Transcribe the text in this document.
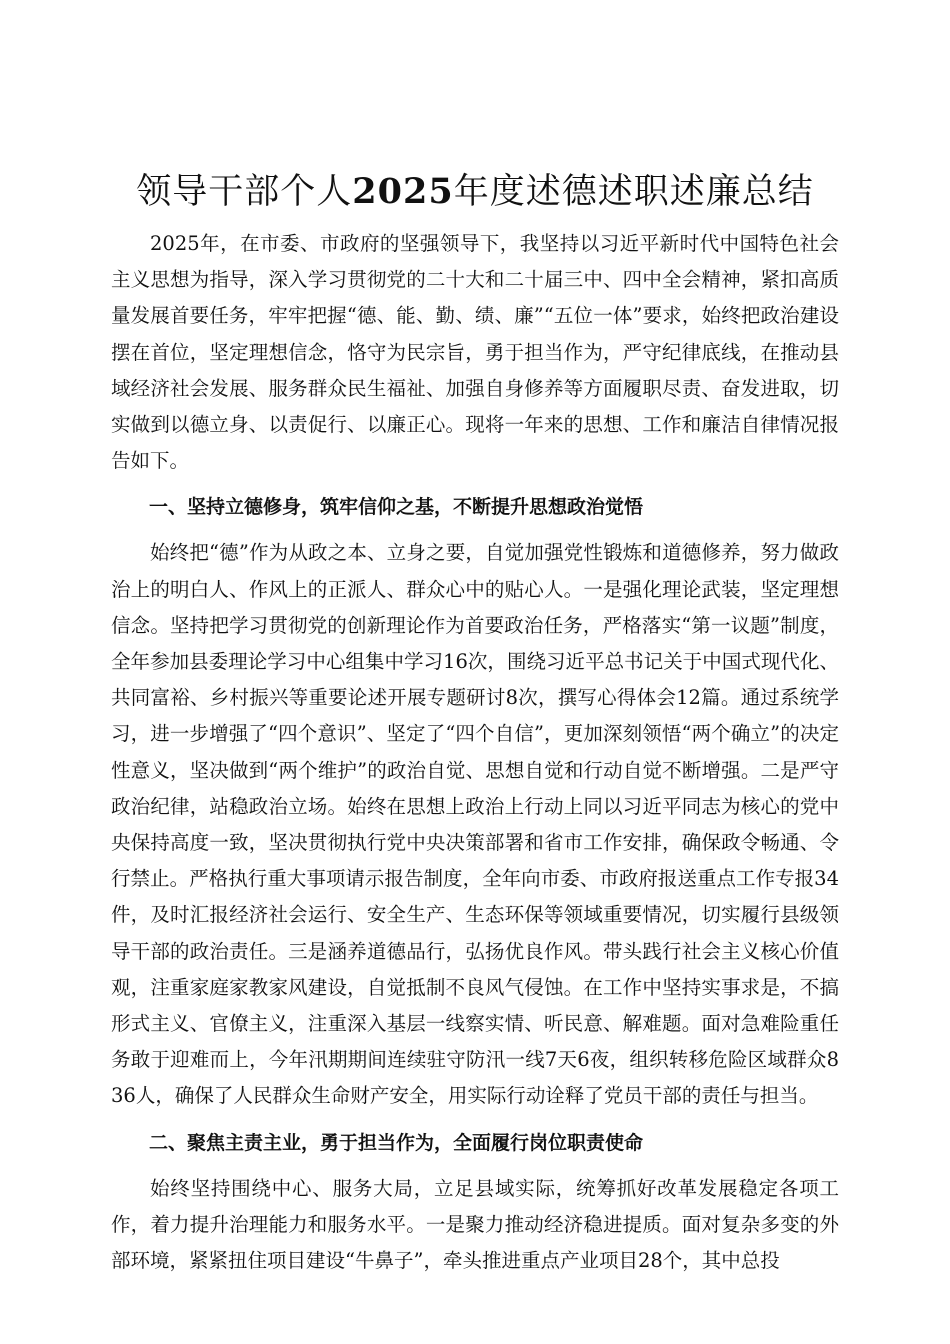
领导干部个人2025年度述德述职述廉总结

2025年，在市委、市政府的坚强领导下，我坚持以习近平新时代中国特色社会主义思想为指导，深入学习贯彻党的二十大和二十届三中、四中全会精神，紧扣高质量发展首要任务，牢牢把握“德、能、勤、绩、廉”“五位一体”要求，始终把政治建设摆在首位，坚定理想信念，恪守为民宗旨，勇于担当作为，严守纪律底线，在推动县域经济社会发展、服务群众民生福祉、加强自身修养等方面履职尽责、奋发进取，切实做到以德立身、以责促行、以廉正心。现将一年来的思想、工作和廉洁自律情况报告如下。

一、坚持立德修身，筑牢信仰之基，不断提升思想政治觉悟

始终把“德”作为从政之本、立身之要，自觉加强党性锻炼和道德修养，努力做政治上的明白人、作风上的正派人、群众心中的贴心人。一是强化理论武装，坚定理想信念。坚持把学习贯彻党的创新理论作为首要政治任务，严格落实“第一议题”制度，全年参加县委理论学习中心组集中学习16次，围绕习近平总书记关于中国式现代化、共同富裕、乡村振兴等重要论述开展专题研讨8次，撰写心得体会12篇。通过系统学习，进一步增强了“四个意识”、坚定了“四个自信”，更加深刻领悟“两个确立”的决定性意义，坚决做到“两个维护”的政治自觉、思想自觉和行动自觉不断增强。二是严守政治纪律，站稳政治立场。始终在思想上政治上行动上同以习近平同志为核心的党中央保持高度一致，坚决贯彻执行党中央决策部署和省市工作安排，确保政令畅通、令行禁止。严格执行重大事项请示报告制度，全年向市委、市政府报送重点工作专报34件，及时汇报经济社会运行、安全生产、生态环保等领域重要情况，切实履行县级领导干部的政治责任。三是涵养道德品行，弘扬优良作风。带头践行社会主义核心价值观，注重家庭家教家风建设，自觉抵制不良风气侵蚀。在工作中坚持实事求是，不搞形式主义、官僚主义，注重深入基层一线察实情、听民意、解难题。面对急难险重任务敢于迎难而上，今年汛期期间连续驻守防汛一线7天6夜，组织转移危险区域群众836人，确保了人民群众生命财产安全，用实际行动诠释了党员干部的责任与担当。

二、聚焦主责主业，勇于担当作为，全面履行岗位职责使命

始终坚持围绕中心、服务大局，立足县域实际，统筹抓好改革发展稳定各项工作，着力提升治理能力和服务水平。一是聚力推动经济稳进提质。面对复杂多变的外部环境，紧紧扭住项目建设“牛鼻子”，牵头推进重点产业项目28个，其中总投
